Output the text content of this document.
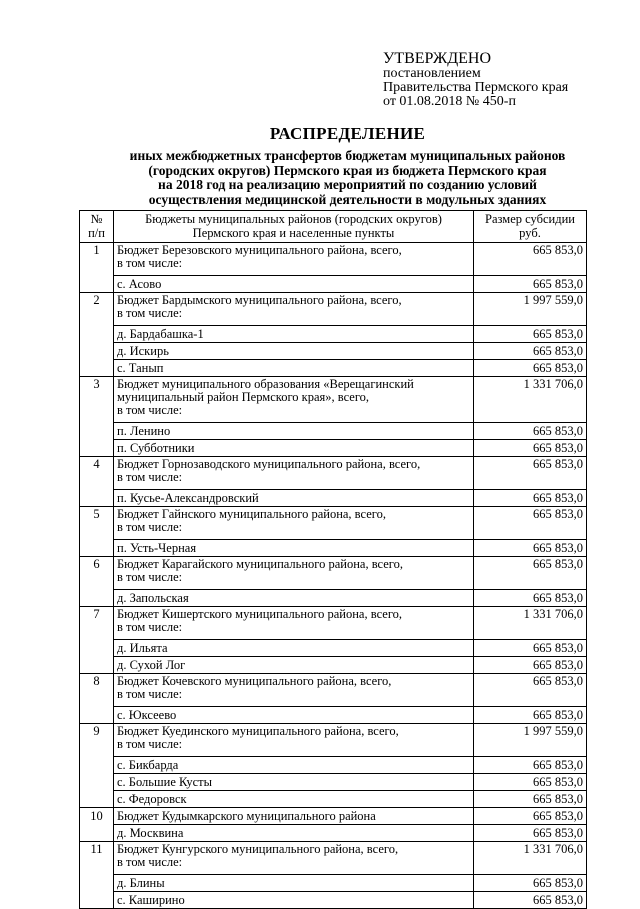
УТВЕРЖДЕНО
постановлением
Правительства Пермского края
от 01.08.2018 № 450-п
РАСПРЕДЕЛЕНИЕ
иных межбюджетных трансфертов бюджетам муниципальных районов
(городских округов) Пермского края из бюджета Пермского края
на 2018 год на реализацию мероприятий по созданию условий
осуществления медицинской деятельности в модульных зданиях
№
п/п	Бюджеты муниципальных районов (городских округов)
Пермского края и населенные пункты	Размер субсидии
руб.
1	Бюджет Березовского муниципального района, всего,
в том числе:	665 853,0
	с. Асово	665 853,0
2	Бюджет Бардымского муниципального района, всего,
в том числе:	1 997 559,0
	д. Бардабашка-1	665 853,0
	д. Искирь	665 853,0
	с. Танып	665 853,0
3	Бюджет муниципального образования «Верещагинский
муниципальный район Пермского края», всего,
в том числе:	1 331 706,0
	п. Ленино	665 853,0
	п. Субботники	665 853,0
4	Бюджет Горнозаводского муниципального района, всего,
в том числе:	665 853,0
	п. Кусье-Александровский	665 853,0
5	Бюджет Гайнского муниципального района, всего,
в том числе:	665 853,0
	п. Усть-Черная	665 853,0
6	Бюджет Карагайского муниципального района, всего,
в том числе:	665 853,0
	д. Запольская	665 853,0
7	Бюджет Кишертского муниципального района, всего,
в том числе:	1 331 706,0
	д. Ильята	665 853,0
	д. Сухой Лог	665 853,0
8	Бюджет Кочевского муниципального района, всего,
в том числе:	665 853,0
	с. Юксеево	665 853,0
9	Бюджет Куединского муниципального района, всего,
в том числе:	1 997 559,0
	с. Бикбарда	665 853,0
	с. Большие Кусты	665 853,0
	с. Федоровск	665 853,0
10	Бюджет Кудымкарского муниципального района	665 853,0
	д. Москвина	665 853,0
11	Бюджет Кунгурского муниципального района, всего,
в том числе:	1 331 706,0
	д. Блины	665 853,0
	с. Каширино	665 853,0
